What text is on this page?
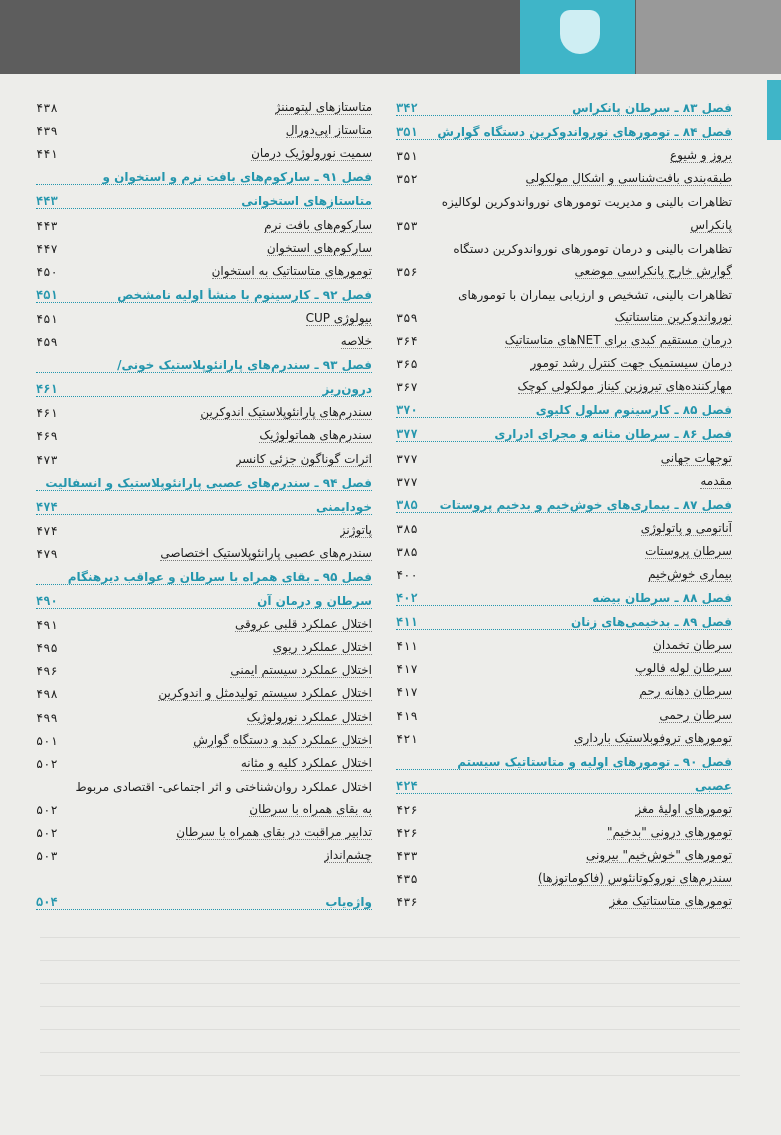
فصل ۸۳ ـ سرطان پانکراس
۳۴۲
فصل ۸۴ ـ تومورهای نورواندوکرین دستگاه گوارش
۳۵۱
بروز و شیوع
۳۵۱
طبقه‌بندی بافت‌شناسی و اشکال مولکولی
۳۵۲
تظاهرات بالینی و مدیریت تومورهای نورواندوکرین لوکالیزه
پانکراس
۳۵۳
تظاهرات بالینی و درمان تومورهای نورواندوکرین دستگاه
گوارش خارج پانکراسی موضعی
۳۵۶
تظاهرات بالینی، تشخیص و ارزیابی بیماران با تومورهای
نورواندوکرین متاستاتیک
۳۵۹
درمان مستقیم کبدی برای NETهای متاستاتیک
۳۶۴
درمان سیستمیک جهت کنترل رشد تومور
۳۶۵
مهارکننده‌های تیروزین کیناز مولکولی کوچک
۳۶۷
فصل ۸۵ ـ کارسینوم سلول کلیوی
۳۷۰
فصل ۸۶ ـ سرطان مثانه و مجرای ادراری
۳۷۷
توجهات جهانی
۳۷۷
مقدمه
۳۷۷
فصل ۸۷ ـ بیماری‌های خوش‌خیم و بدخیم پروستات
۳۸۵
آناتومی و پاتولوژی
۳۸۵
سرطان پروستات
۳۸۵
بیماری خوش‌خیم
۴۰۰
فصل ۸۸ ـ سرطان بیضه
۴۰۲
فصل ۸۹ ـ بدخیمی‌های زنان
۴۱۱
سرطان تخمدان
۴۱۱
سرطان لوله فالوپ
۴۱۷
سرطان دهانه رحم
۴۱۷
سرطان رحمی
۴۱۹
تومورهای تروفوبلاستیک بارداری
۴۲۱
فصل ۹۰ ـ تومورهای اولیه و متاستاتیک سیستم
عصبی
۴۲۴
تومورهای اولیهٔ مغز
۴۲۶
تومورهای درونی "بدخیم"
۴۲۶
تومورهای "خوش‌خیم" بیرونی
۴۳۳
سندرم‌های نوروکوتانئوس (فاکوماتوزها)
۴۳۵
تومورهای متاستاتیک مغز
۴۳۶
متاستازهای لپتومننژ
۴۳۸
متاستاز اپی‌دورال
۴۳۹
سمیت نورولوژیک درمان
۴۴۱
فصل ۹۱ ـ سارکوم‌های بافت نرم و استخوان و
متاستازهای استخوانی
۴۴۳
سارکوم‌های بافت نرم
۴۴۳
سارکوم‌های استخوان
۴۴۷
تومورهای متاستاتیک به استخوان
۴۵۰
فصل ۹۲ ـ کارسینوم با منشأ اولیه نامشخص
۴۵۱
بیولوژی CUP
۴۵۱
خلاصه
۴۵۹
فصل ۹۳ ـ سندرم‌های پارانئوپلاستیک خونی/
درون‌ریز
۴۶۱
سندرم‌های پارانئوپلاستیک اندوکرین
۴۶۱
سندرم‌های هماتولوژیک
۴۶۹
اثرات گوناگون جزئی کانسر
۴۷۳
فصل ۹۴ ـ سندرم‌های عصبی پارانئوپلاستیک و انسفالیت
خودایمنی
۴۷۴
پاتوژنز
۴۷۴
سندرم‌های عصبی پارانئوپلاستیک اختصاصی
۴۷۹
فصل ۹۵ ـ بقای همراه با سرطان و عواقب دیرهنگام
سرطان و درمان آن
۴۹۰
اختلال عملکرد قلبی عروقی
۴۹۱
اختلال عملکرد ریوی
۴۹۵
اختلال عملکرد سیستم ایمنی
۴۹۶
اختلال عملکرد سیستم تولیدمثل و اندوکرین
۴۹۸
اختلال عملکرد نورولوژیک
۴۹۹
اختلال عملکرد کبد و دستگاه گوارش
۵۰۱
اختلال عملکرد کلیه و مثانه
۵۰۲
اختلال عملکرد روان‌شناختی و اثر اجتماعی- اقتصادی مربوط
به بقای همراه با سرطان
۵۰۲
تدابیر مراقبت در بقای همراه با سرطان
۵۰۲
چشم‌انداز
۵۰۳
واژه‌یاب
۵۰۴
